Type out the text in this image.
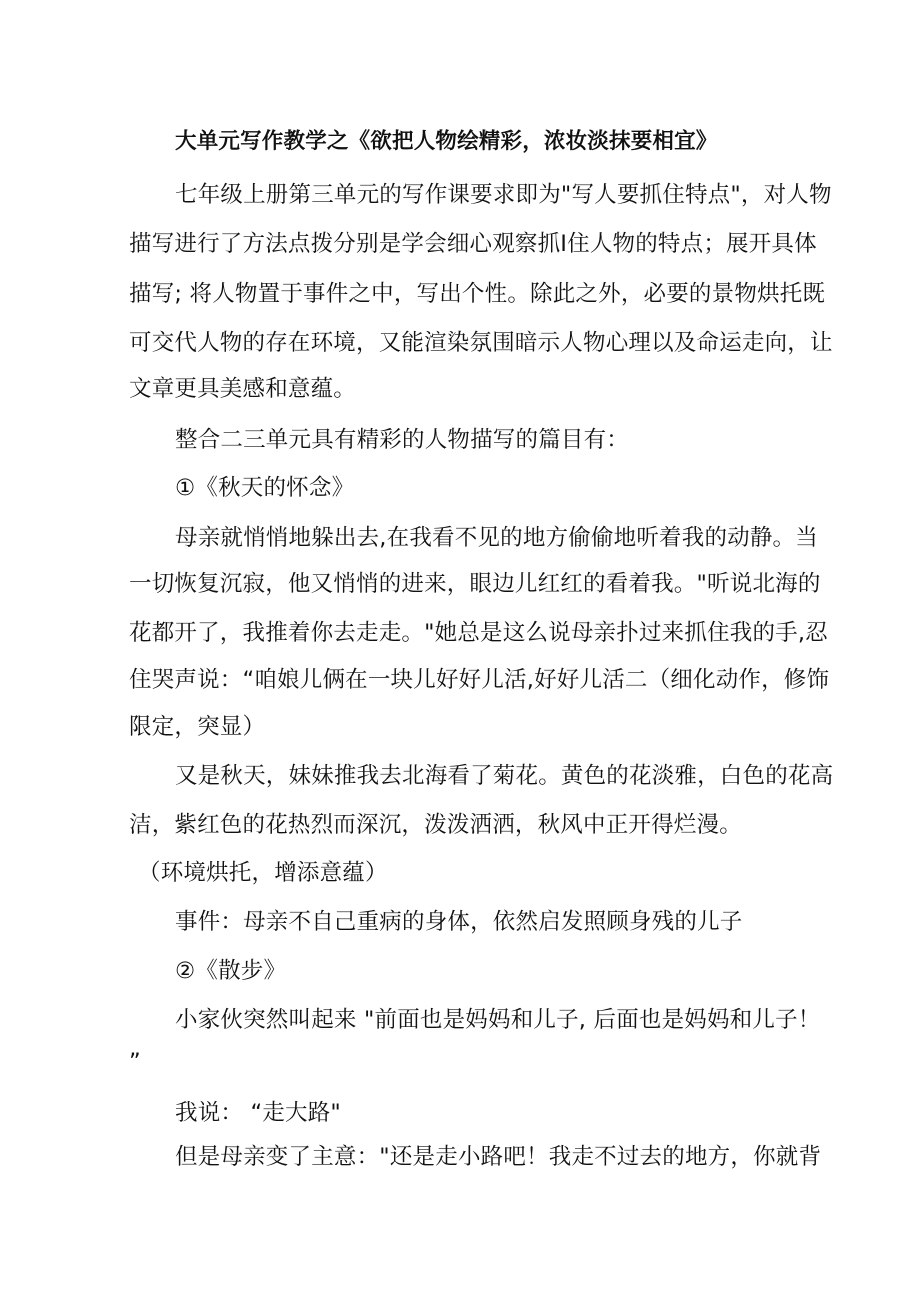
大单元写作教学之《欲把人物绘精彩，浓妆淡抹要相宜》
七年级上册第三单元的写作课要求即为"写人要抓住特点"，对人物
描写进行了方法点拨分别是学会细心观察抓I住人物的特点；展开具体
描写; 将人物置于事件之中，写出个性。除此之外，必要的景物烘托既
可交代人物的存在环境，又能渲染氛围暗示人物心理以及命运走向，让
文章更具美感和意蕴。
整合二三单元具有精彩的人物描写的篇目有：
①《秋天的怀念》
母亲就悄悄地躲出去,在我看不见的地方偷偷地听着我的动静。当
一切恢复沉寂，他又悄悄的进来，眼边儿红红的看着我。"听说北海的
花都开了，我推着你去走走。"她总是这么说母亲扑过来抓住我的手,忍
住哭声说：“咱娘儿俩在一块儿好好儿活,好好儿活二（细化动作，修饰
限定，突显）
又是秋天，妹妹推我去北海看了菊花。黄色的花淡雅，白色的花高
洁，紫红色的花热烈而深沉，泼泼洒洒，秋风中正开得烂漫。
（环境烘托，增添意蕴）
事件：母亲不自己重病的身体，依然启发照顾身残的儿子
②《散步》
小家伙突然叫起来 "前面也是妈妈和儿子, 后面也是妈妈和儿子！
”
我说： “走大路"
但是母亲变了主意："还是走小路吧！我走不过去的地方，你就背
